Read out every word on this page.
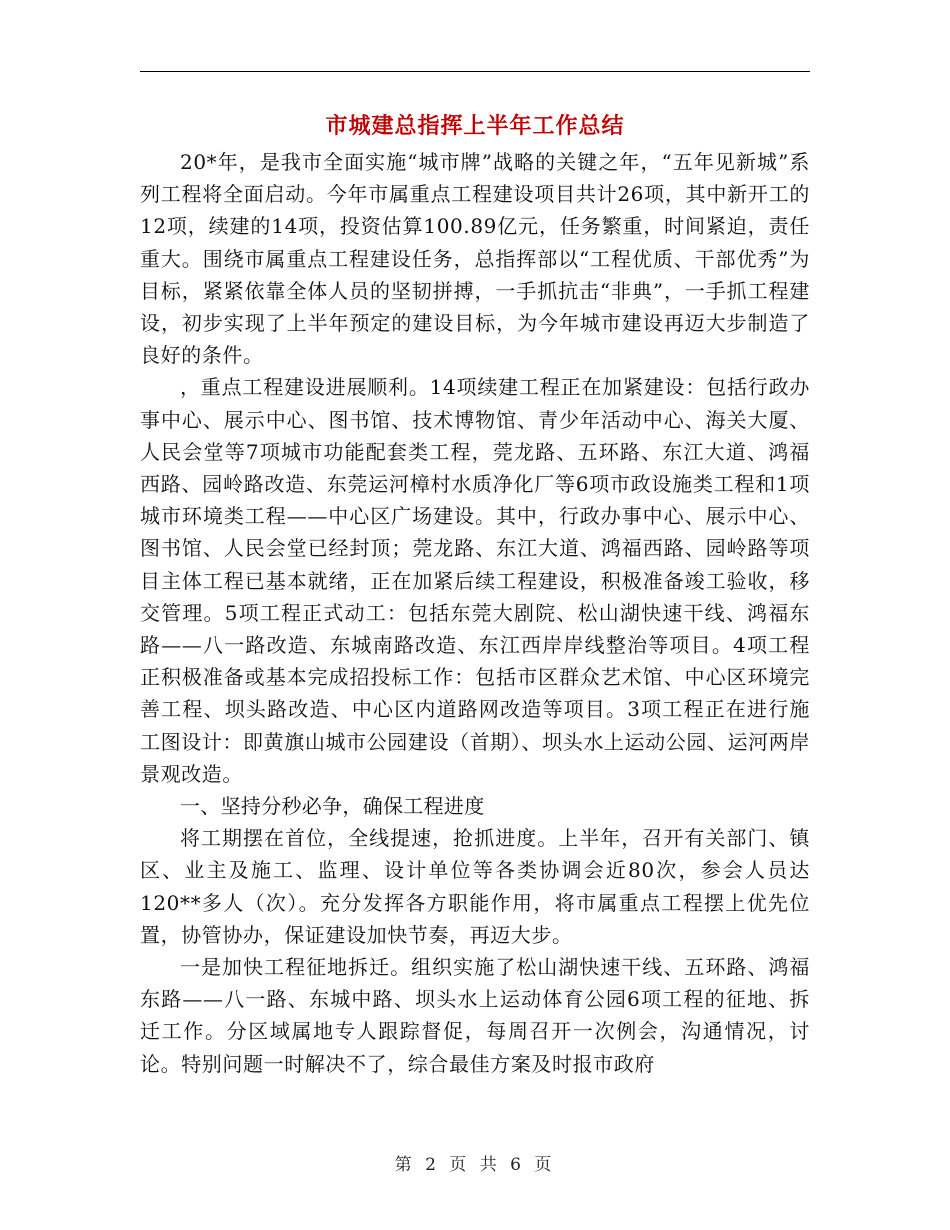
市城建总指挥上半年工作总结

20*年，是我市全面实施“城市牌”战略的关键之年，“五年见新城”系列工程将全面启动。今年市属重点工程建设项目共计26项，其中新开工的12项，续建的14项，投资估算100.89亿元，任务繁重，时间紧迫，责任重大。围绕市属重点工程建设任务，总指挥部以“工程优质、干部优秀”为目标，紧紧依靠全体人员的坚韧拼搏，一手抓抗击“非典”，一手抓工程建设，初步实现了上半年预定的建设目标，为今年城市建设再迈大步制造了良好的条件。

，重点工程建设进展顺利。14项续建工程正在加紧建设：包括行政办事中心、展示中心、图书馆、技术博物馆、青少年活动中心、海关大厦、人民会堂等7项城市功能配套类工程，莞龙路、五环路、东江大道、鸿福西路、园岭路改造、东莞运河樟村水质净化厂等6项市政设施类工程和1项城市环境类工程——中心区广场建设。其中，行政办事中心、展示中心、图书馆、人民会堂已经封顶；莞龙路、东江大道、鸿福西路、园岭路等项目主体工程已基本就绪，正在加紧后续工程建设，积极准备竣工验收，移交管理。5项工程正式动工：包括东莞大剧院、松山湖快速干线、鸿福东路——八一路改造、东城南路改造、东江西岸岸线整治等项目。4项工程正积极准备或基本完成招投标工作：包括市区群众艺术馆、中心区环境完善工程、坝头路改造、中心区内道路网改造等项目。3项工程正在进行施工图设计：即黄旗山城市公园建设（首期）、坝头水上运动公园、运河两岸景观改造。

一、坚持分秒必争，确保工程进度

将工期摆在首位，全线提速，抢抓进度。上半年，召开有关部门、镇区、业主及施工、监理、设计单位等各类协调会近80次，参会人员达120**多人（次）。充分发挥各方职能作用，将市属重点工程摆上优先位置，协管协办，保证建设加快节奏，再迈大步。

一是加快工程征地拆迁。组织实施了松山湖快速干线、五环路、鸿福东路——八一路、东城中路、坝头水上运动体育公园6项工程的征地、拆迁工作。分区域属地专人跟踪督促，每周召开一次例会，沟通情况，讨论。特别问题一时解决不了，综合最佳方案及时报市政府

第 2 页 共 6 页
